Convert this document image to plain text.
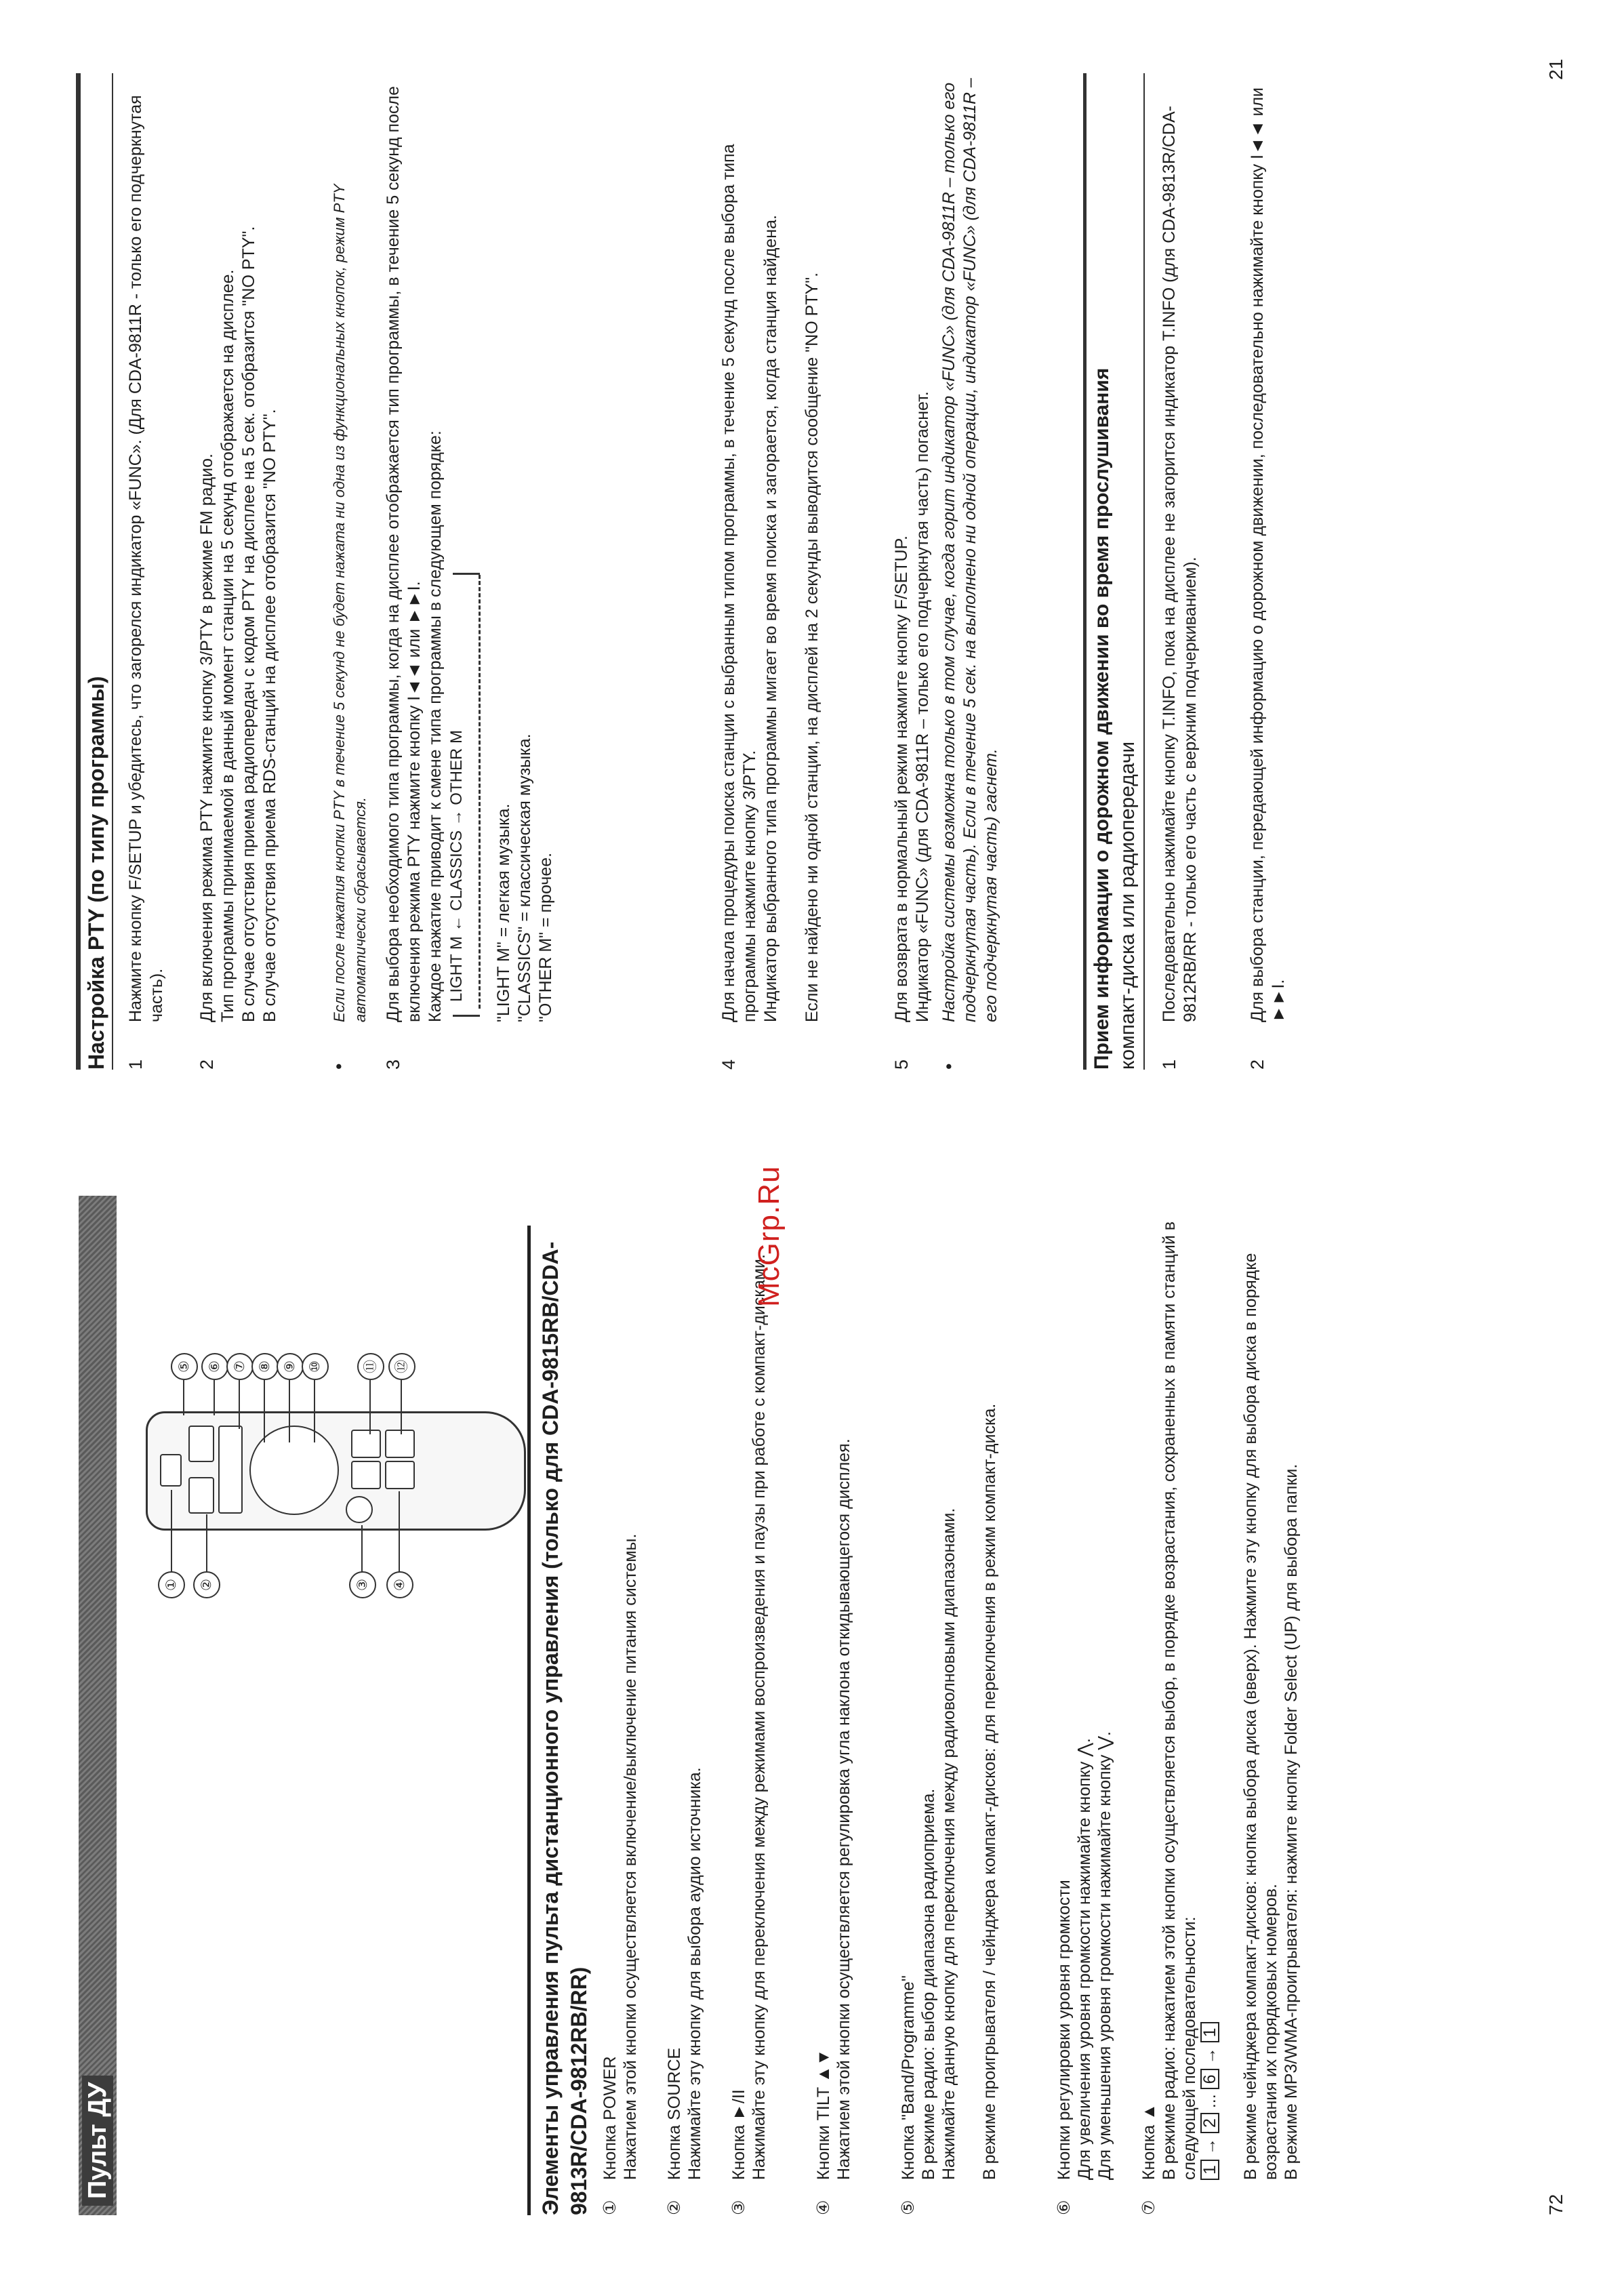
Пульт ДУ
①	②	③	④
⑤	⑥ ⑦ ⑧ ⑨ ⑩	⑪	⑫	Элементы управления пульта дистанционного управления (только для CDA-9815RB/CDA-9813R/CDA-9812RB/RR) ①

Кнопка POWER Нажатием этой кнопки осуществляется включение/выключение питания системы.

②

Кнопка SOURCE Нажимайте эту кнопку для выбора аудио источника.

③

Кнопка ►/II Нажимайте эту кнопку для переключения между режимами воспроизведения и паузы при работе с компакт-дисками.

④

Кнопки TILT ▲▼ Нажатием этой кнопки осуществляется регулировка угла наклона откидывающегося дисплея.

⑤

Кнопка "Band/Programme" В режиме радио: выбор диапазона радиоприема. Нажимайте данную кнопку для переключения между радиоволновыми диапазонами. В режиме проигрывателя / чейнджера компакт-дисков: для переключения в режим компакт-диска.

⑥

Кнопки регулировки уровня громкости Для увеличения уровня громкости нажимайте кнопку ⋀. Для уменьшения уровня громкости нажимайте кнопку ⋁.

⑦

Кнопка ▲ В режиме радио: нажатием этой кнопки осуществляется выбор, в порядке возрастания, сохраненных в памяти станций в следующей последовательности: 1 → 2 ... 6 → 1 В режиме чейнджера компакт-дисков: кнопка выбора диска (вверх). Нажмите эту кнопку для выбора диска в порядке возрастания их порядковых номеров. В режиме MP3/WMA-проигрывателя: нажмите кнопку Folder Select (UP) для выбора папки.

72
McGrp.Ru
Настройка PTY (по типу программы) 1

Нажмите кнопку F/SETUP и убедитесь, что загорелся индикатор «FUNC». (Для CDA-9811R - только его подчеркнутая часть).

2

Для включения режима PTY нажмите кнопку 3/PTY в режиме FM радио. Тип программы принимаемой в данный момент станции на 5 секунд отображается на дисплее. В случае отсутствия приема радиопередач с кодом PTY на дисплее на 5 сек. отобразится "NO PTY". В случае отсутствия приема RDS-станций на дисплее отобразится "NO PTY".

•

Если после нажатия кнопки PTY в течение 5 секунд не будет нажата ни одна из функциональных кнопок, режим PTY автоматически сбрасывается.

3

Для выбора необходимого типа программы, когда на дисплее отображается тип программы, в течение 5 секунд после включения режима PTY нажмите кнопку I◄◄ или ►►I. Каждое нажатие приводит к смене типа программы в следующем порядке: LIGHT M ← CLASSICS → OTHER M "LIGHT M" = легкая музыка. "CLASSICS" = классическая музыка. "OTHER M" = прочее.

4

Для начала процедуры поиска станции с выбранным типом программы, в течение 5 секунд после выбора типа программы нажмите кнопку 3/PTY. Индикатор выбранного типа программы мигает во время поиска и загорается, когда станция найдена. Если не найдено ни одной станции, на дисплей на 2 секунды выводится сообщение "NO PTY".

5

Для возврата в нормальный режим нажмите кнопку F/SETUP. Индикатор «FUNC» (для CDA-9811R – только его подчеркнутая часть) погаснет.

•

Настройка системы возможна только в том случае, когда горит индикатор «FUNC» (для CDA-9811R – только его подчеркнутая часть). Если в течение 5 сек. на выполнено ни одной операции, индикатор «FUNC» (для CDA-9811R – его подчеркнутая часть) гаснет.	Прием информации о дорожном движении во время прослушивания компакт-диска или радиопередачи	1

Последовательно нажимайте кнопку T.INFO, пока на дисплее не загорится индикатор T.INFO (для CDA-9813R/CDA-9812RB/RR - только его часть с верхним подчеркиванием).

2

Для выбора станции, передающей информацию о дорожном движении, последовательно нажимайте кнопку I◄◄ или ►►I.

21
